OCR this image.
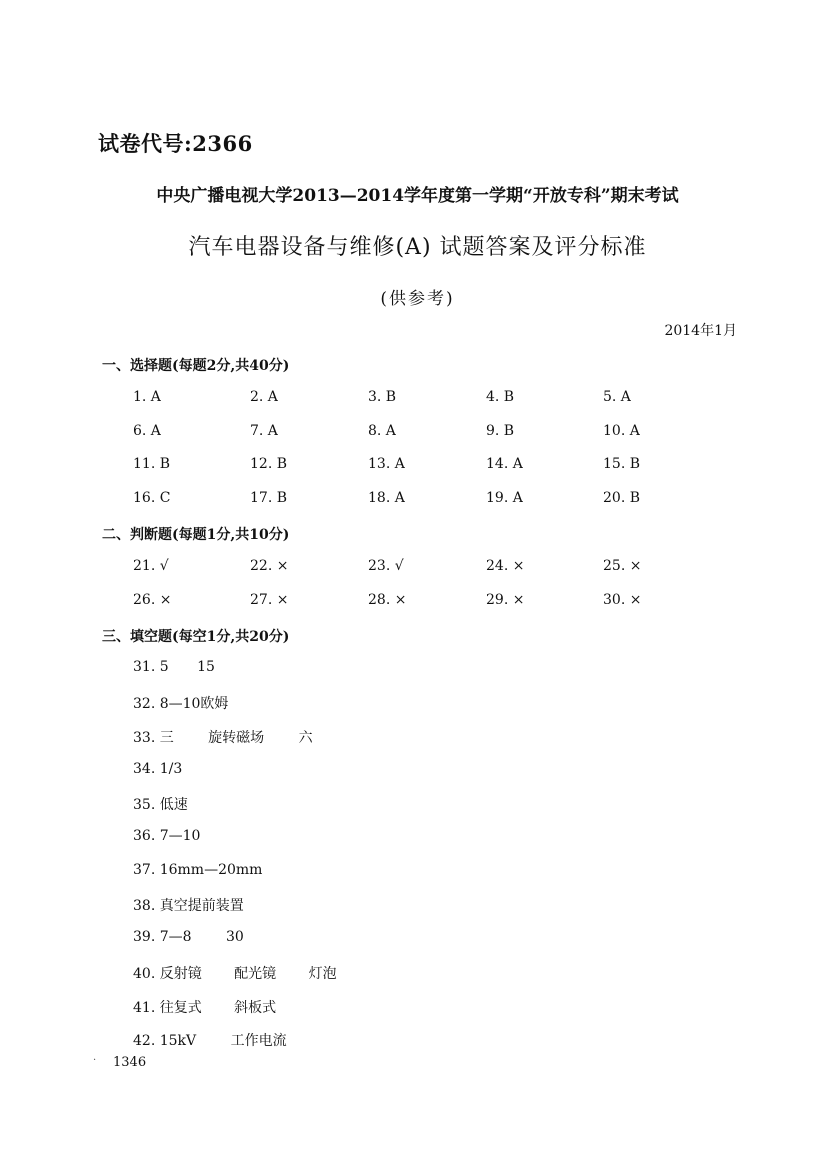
试卷代号:2366
中央广播电视大学2013—2014学年度第一学期“开放专科”期末考试
汽车电器设备与维修(A) 试题答案及评分标准
(供参考)
2014年1月
一、选择题(每题2分,共40分)
1. A	2. A	3. B	4. B	5. A
6. A	7. A	8. A	9. B	10. A
11. B	12. B	13. A	14. A	15. B
16. C	17. B	18. A	19. A	20. B
二、判断题(每题1分,共10分)
21. √	22. ×	23. √	24. ×	25. ×
26. ×	27. ×	28. ×	29. ×	30. ×
三、填空题(每空1分,共20分)
31. 5 15
32. 8—10欧姆
33. 三 旋转磁场 六
34. 1/3
35. 低速
36. 7—10
37. 16mm—20mm
38. 真空提前装置
39. 7—8 30
40. 反射镜 配光镜 灯泡
41. 往复式 斜板式
42. 15kV 工作电流
· 1346
